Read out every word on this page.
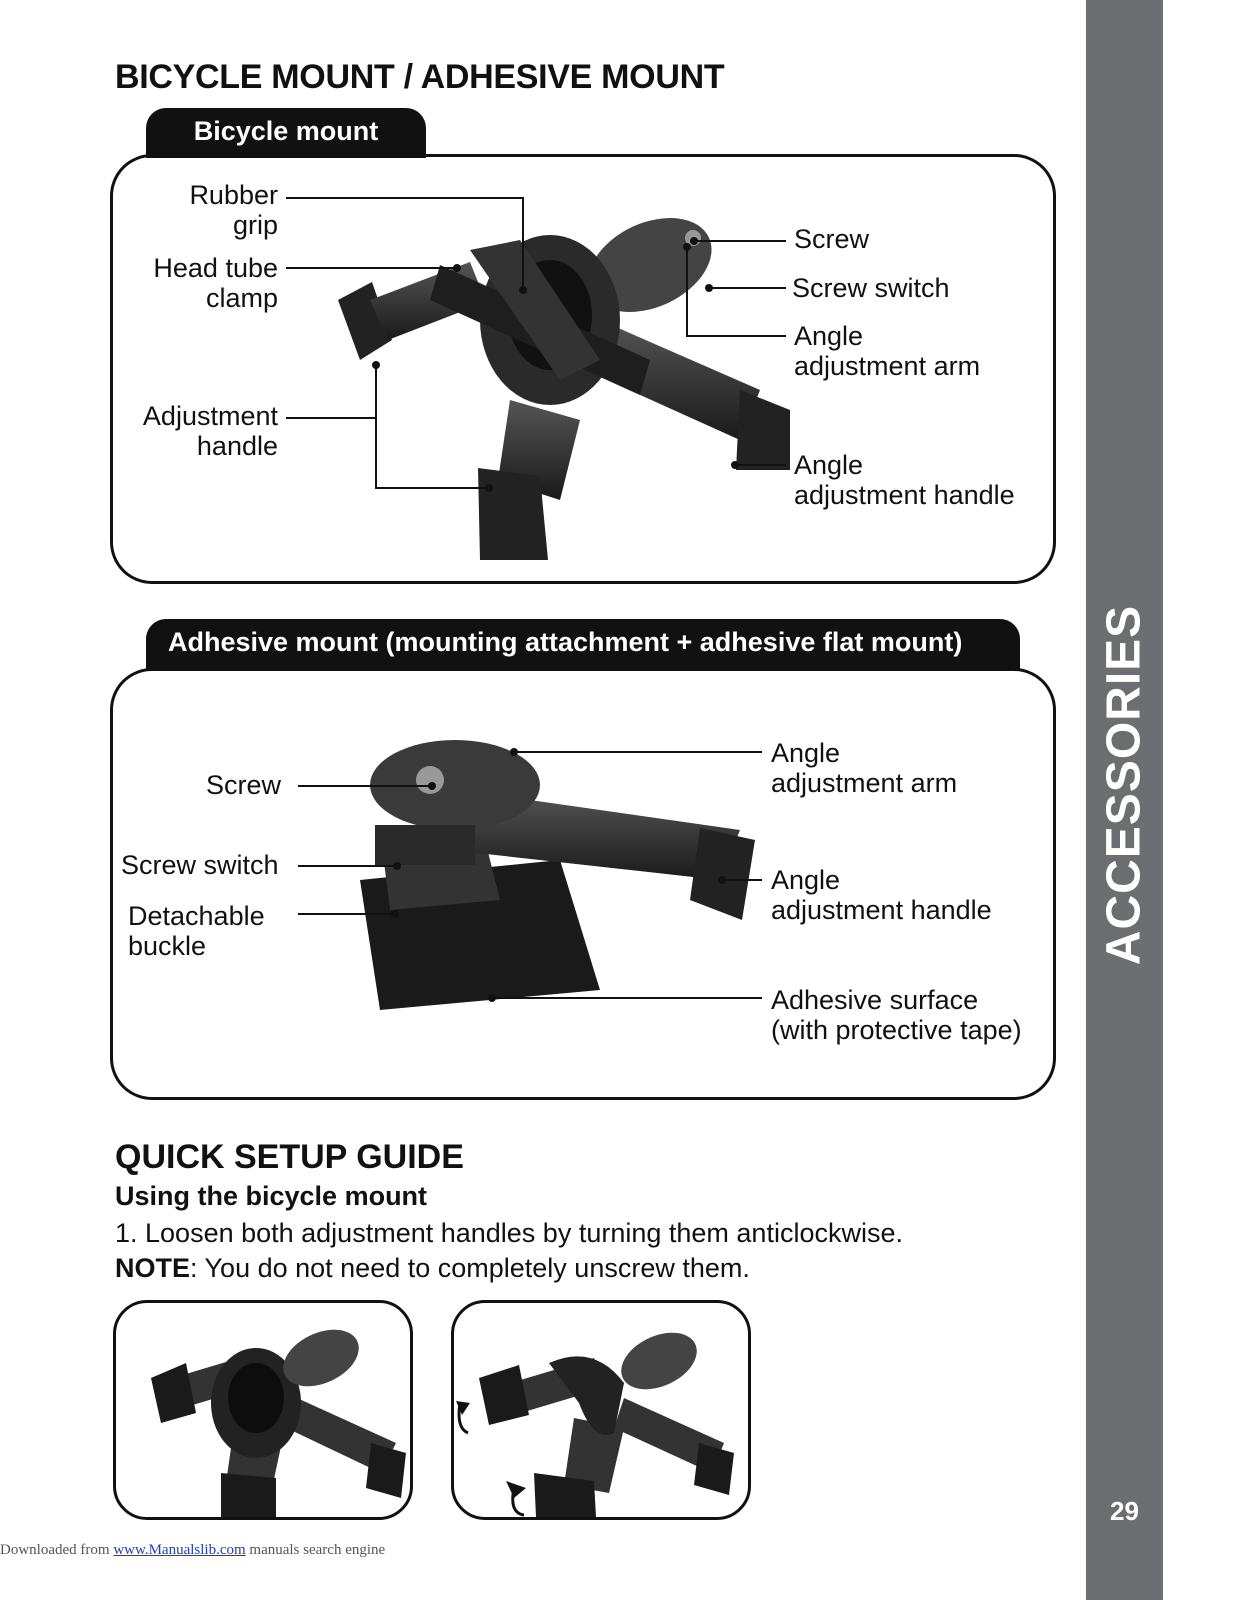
ACCESSORIES
29
BICYCLE MOUNT / ADHESIVE MOUNT
Bicycle mount
Adhesive mount (mounting attachment + adhesive flat mount)
Rubber
grip
Head tube
clamp
Adjustment
handle
Screw
Screw switch
Angle
adjustment arm
Angle
adjustment handle
Screw
Screw switch
Detachable
buckle
Angle
adjustment arm
Angle
adjustment handle
Adhesive surface
(with protective tape)
QUICK SETUP GUIDE
Using the bicycle mount

1. Loosen both adjustment handles by turning them anticlockwise.

NOTE: You do not need to completely unscrew them.

Downloaded from www.Manualslib.com manuals search engine
